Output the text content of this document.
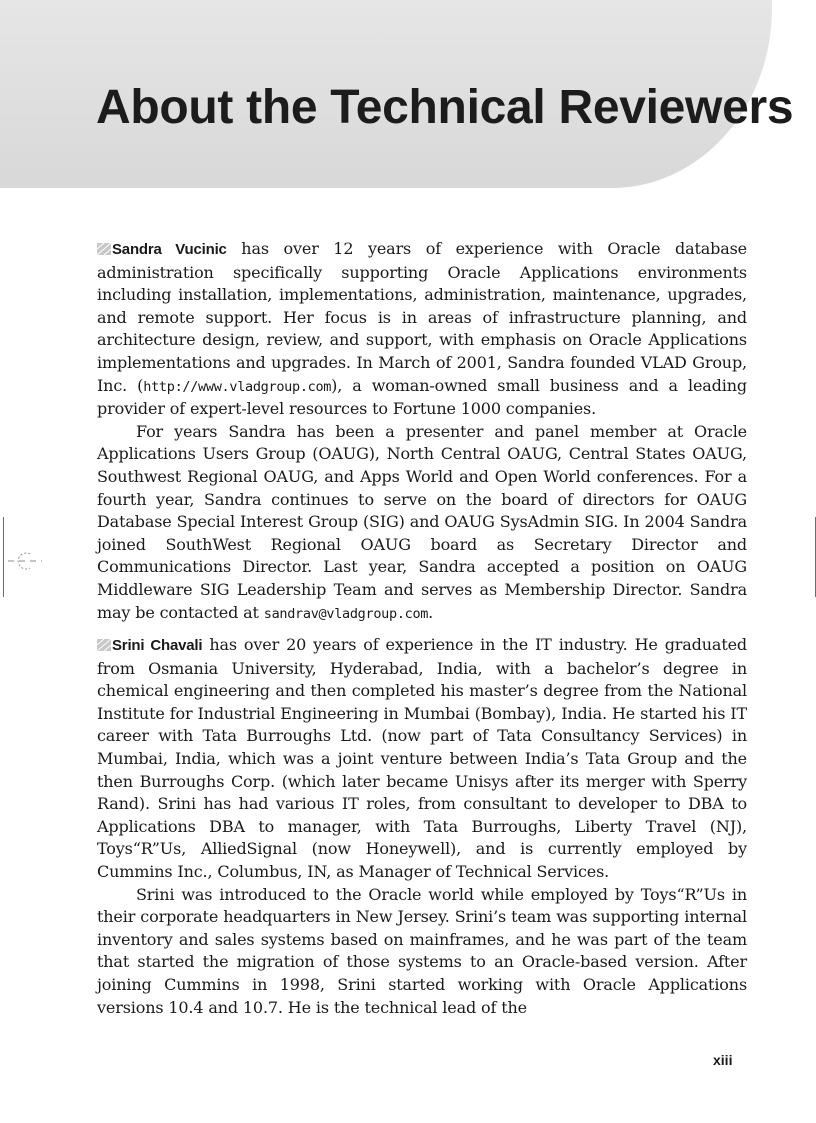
About the Technical Reviewers

Sandra Vucinic has over 12 years of experience with Oracle database administration specifically supporting Oracle Applications environments including installation, implementations, administration, maintenance, upgrades, and remote support. Her focus is in areas of infrastructure planning, and architecture design, review, and support, with emphasis on Oracle Applications implementations and upgrades. In March of 2001, Sandra founded VLAD Group, Inc. (http://www.vladgroup.com), a woman-owned small business and a leading provider of expert-level resources to Fortune 1000 companies.

For years Sandra has been a presenter and panel member at Oracle Applications Users Group (OAUG), North Central OAUG, Central States OAUG, Southwest Regional OAUG, and Apps World and Open World conferences. For a fourth year, Sandra continues to serve on the board of directors for OAUG Database Special Interest Group (SIG) and OAUG SysAdmin SIG. In 2004 Sandra joined SouthWest Regional OAUG board as Secretary Director and Communications Director. Last year, Sandra accepted a position on OAUG Middleware SIG Leadership Team and serves as Membership Director. Sandra may be contacted at sandrav@vladgroup.com.

Srini Chavali has over 20 years of experience in the IT industry. He graduated from Osmania University, Hyderabad, India, with a bachelor’s degree in chemical engineering and then completed his master’s degree from the National Institute for Industrial Engineering in Mumbai (Bombay), India. He started his IT career with Tata Burroughs Ltd. (now part of Tata Consultancy Services) in Mumbai, India, which was a joint venture between India’s Tata Group and the then Burroughs Corp. (which later became Unisys after its merger with Sperry Rand). Srini has had various IT roles, from consultant to developer to DBA to Applications DBA to manager, with Tata Burroughs, Liberty Travel (NJ), Toys“R”Us, AlliedSignal (now Honeywell), and is currently employed by Cummins Inc., Columbus, IN, as Manager of Technical Services.

Srini was introduced to the Oracle world while employed by Toys“R”Us in their corporate headquarters in New Jersey. Srini’s team was supporting internal inventory and sales systems based on mainframes, and he was part of the team that started the migration of those systems to an Oracle-based version. After joining Cummins in 1998, Srini started working with Oracle Applications versions 10.4 and 10.7. He is the technical lead of the

xiii
